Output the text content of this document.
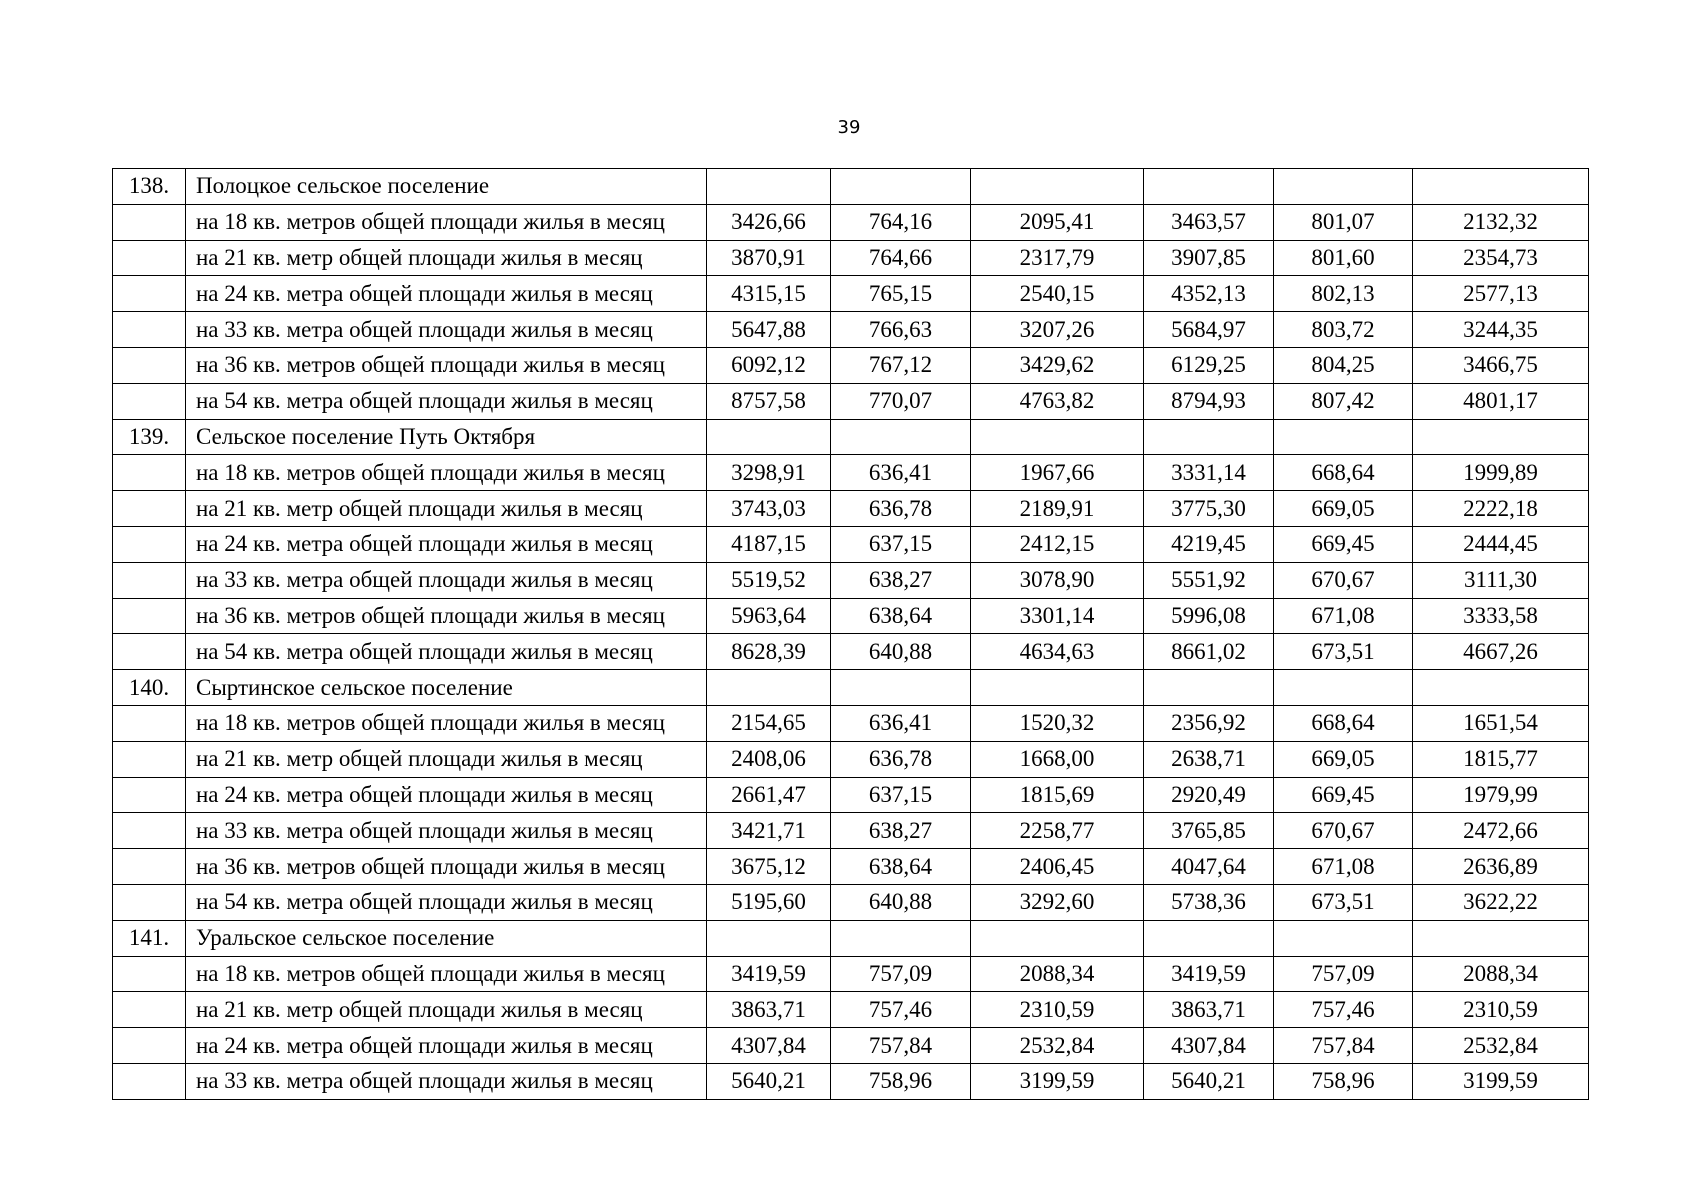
39
138.	Полоцкое сельское поселение						
	на 18 кв. метров общей площади жилья в месяц	3426,66	764,16	2095,41	3463,57	801,07	2132,32
	на 21 кв. метр общей площади жилья в месяц	3870,91	764,66	2317,79	3907,85	801,60	2354,73
	на 24 кв. метра общей площади жилья в месяц	4315,15	765,15	2540,15	4352,13	802,13	2577,13
	на 33 кв. метра общей площади жилья в месяц	5647,88	766,63	3207,26	5684,97	803,72	3244,35
	на 36 кв. метров общей площади жилья в месяц	6092,12	767,12	3429,62	6129,25	804,25	3466,75
	на 54 кв. метра общей площади жилья в месяц	8757,58	770,07	4763,82	8794,93	807,42	4801,17
139.	Сельское поселение Путь Октября						
	на 18 кв. метров общей площади жилья в месяц	3298,91	636,41	1967,66	3331,14	668,64	1999,89
	на 21 кв. метр общей площади жилья в месяц	3743,03	636,78	2189,91	3775,30	669,05	2222,18
	на 24 кв. метра общей площади жилья в месяц	4187,15	637,15	2412,15	4219,45	669,45	2444,45
	на 33 кв. метра общей площади жилья в месяц	5519,52	638,27	3078,90	5551,92	670,67	3111,30
	на 36 кв. метров общей площади жилья в месяц	5963,64	638,64	3301,14	5996,08	671,08	3333,58
	на 54 кв. метра общей площади жилья в месяц	8628,39	640,88	4634,63	8661,02	673,51	4667,26
140.	Сыртинское сельское поселение						
	на 18 кв. метров общей площади жилья в месяц	2154,65	636,41	1520,32	2356,92	668,64	1651,54
	на 21 кв. метр общей площади жилья в месяц	2408,06	636,78	1668,00	2638,71	669,05	1815,77
	на 24 кв. метра общей площади жилья в месяц	2661,47	637,15	1815,69	2920,49	669,45	1979,99
	на 33 кв. метра общей площади жилья в месяц	3421,71	638,27	2258,77	3765,85	670,67	2472,66
	на 36 кв. метров общей площади жилья в месяц	3675,12	638,64	2406,45	4047,64	671,08	2636,89
	на 54 кв. метра общей площади жилья в месяц	5195,60	640,88	3292,60	5738,36	673,51	3622,22
141.	Уральское сельское поселение						
	на 18 кв. метров общей площади жилья в месяц	3419,59	757,09	2088,34	3419,59	757,09	2088,34
	на 21 кв. метр общей площади жилья в месяц	3863,71	757,46	2310,59	3863,71	757,46	2310,59
	на 24 кв. метра общей площади жилья в месяц	4307,84	757,84	2532,84	4307,84	757,84	2532,84
	на 33 кв. метра общей площади жилья в месяц	5640,21	758,96	3199,59	5640,21	758,96	3199,59
